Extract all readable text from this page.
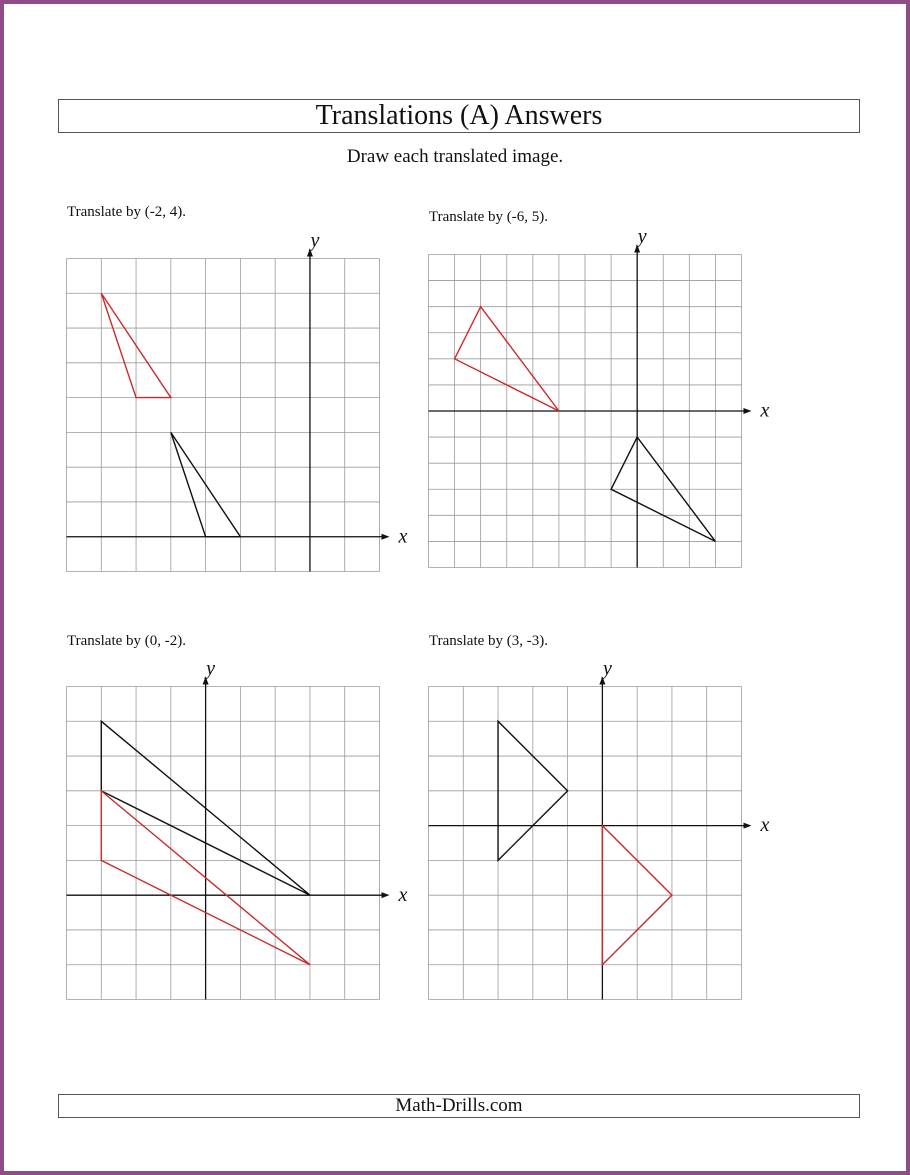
Translations (A) Answers
Draw each translated image.
Translate by (-2, 4).	Translate by (-6, 5).
Translate by (0, -2).	Translate by (3, -3).
x
y
x
y
x
y
x
y
Math-Drills.com
